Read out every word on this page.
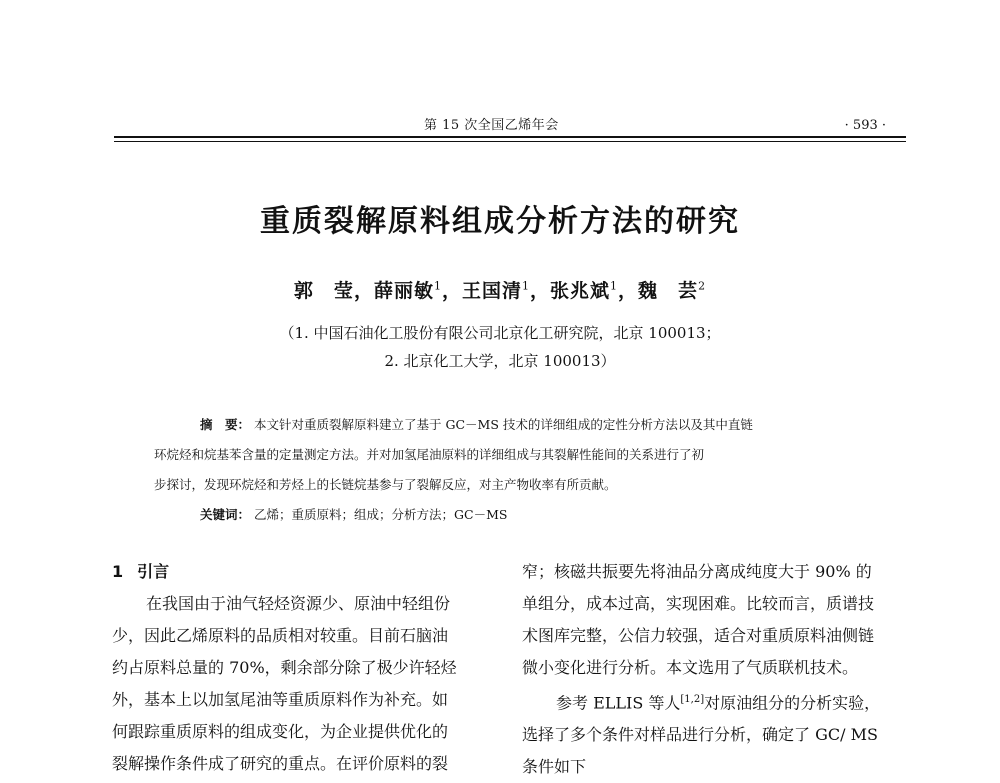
第 15 次全国乙烯年会	· 593 ·
重质裂解原料组成分析方法的研究
郭　莹，薛丽敏$^1$，王国清$^1$，张兆斌$^1$，魏　芸$^2$
（1. 中国石油化工股份有限公司北京化工研究院，北京 100013；
2. 北京化工大学，北京 100013）
摘　要： 本文针对重质裂解原料建立了基于 GC－MS 技术的详细组成的定性分析方法以及其中直链
环烷烃和烷基苯含量的定量测定方法。并对加氢尾油原料的详细组成与其裂解性能间的关系进行了初
步探讨，发现环烷烃和芳烃上的长链烷基参与了裂解反应，对主产物收率有所贡献。
关键词： 乙烯；重质原料；组成；分析方法；GC－MS
1 引言
在我国由于油气轻烃资源少、原油中轻组份
少，因此乙烯原料的品质相对较重。目前石脑油
约占原料总量的 70%，剩余部分除了极少许轻烃
外，基本上以加氢尾油等重质原料作为补充。如
何跟踪重质原料的组成变化，为企业提供优化的
裂解操作条件成了研究的重点。在评价原料的裂
窄；核磁共振要先将油品分离成纯度大于 90% 的
单组分，成本过高，实现困难。比较而言，质谱技
术图库完整，公信力较强，适合对重质原料油侧链
微小变化进行分析。本文选用了气质联机技术。
参考 ELLIS 等人[1,2]对原油组分的分析实验，
选择了多个条件对样品进行分析，确定了 GC/ MS
条件如下
